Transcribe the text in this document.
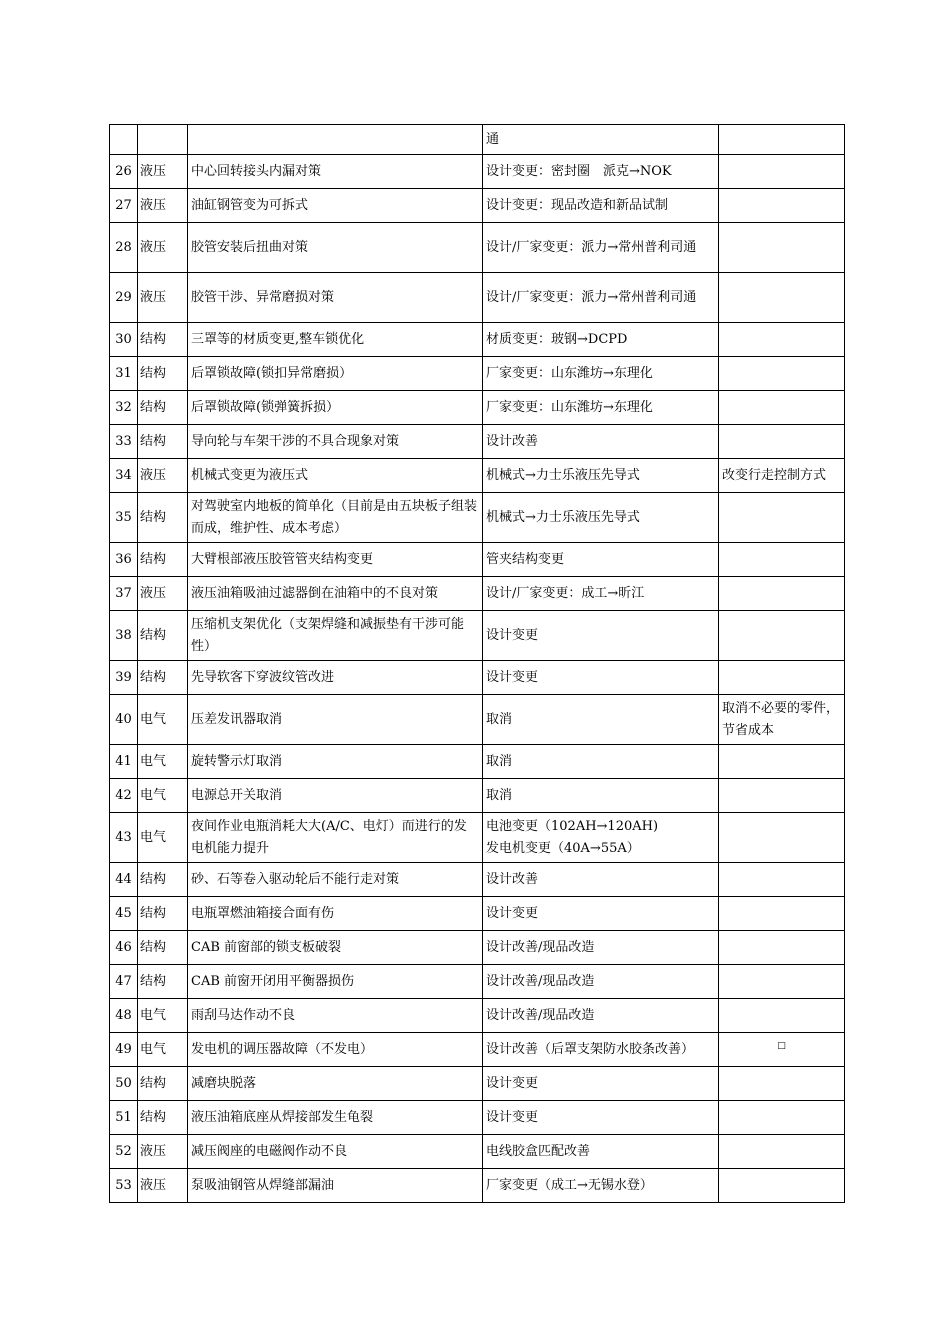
			通	

26	液压	中心回转接头内漏对策	设计变更：密封圈　派克→NOK	

27	液压	油缸钢管变为可拆式	设计变更：现品改造和新品试制	

28	液压	胶管安装后扭曲对策	设计/厂家变更：派力→常州普利司通	

29	液压	胶管干涉、异常磨损对策	设计/厂家变更：派力→常州普利司通	

30	结构	三罩等的材质变更,整车锁优化	材质变更：玻钢→DCPD	

31	结构	后罩锁故障(锁扣异常磨损）	厂家变更：山东潍坊→东理化	

32	结构	后罩锁故障(锁弹簧拆损）	厂家变更：山东潍坊→东理化	

33	结构	导向轮与车架干涉的不具合现象对策	设计改善	

34	液压	机械式变更为液压式	机械式→力士乐液压先导式	改变行走控制方式
35	结构	对驾驶室内地板的简单化（目前是由五块板子组装而成，维护性、成本考虑）	机械式→力士乐液压先导式	

36	结构	大臂根部液压胶管管夹结构变更	管夹结构变更	

37	液压	液压油箱吸油过滤器倒在油箱中的不良对策	设计/厂家变更：成工→昕江	

38	结构	压缩机支架优化（支架焊缝和减振垫有干涉可能性）	设计变更	

39	结构	先导软客下穿波纹管改进	设计变更	

40	电气	压差发讯器取消	取消	取消不必要的零件，节省成本
41	电气	旋转警示灯取消	取消	

42	电气	电源总开关取消	取消	

43	电气	夜间作业电瓶消耗大大(A/C、电灯）而进行的发电机能力提升	电池变更（102AH→120AH)
发电机变更（40A→55A）	

44	结构	砂、石等卷入驱动轮后不能行走对策	设计改善	

45	结构	电瓶罩燃油箱接合面有伤	设计变更	

46	结构	CAB 前窗部的锁支板破裂	设计改善/现品改造	

47	结构	CAB 前窗开闭用平衡器损伤	设计改善/现品改造	

48	电气	雨刮马达作动不良	设计改善/现品改造	

49	电气	发电机的调压器故障（不发电）	设计改善（后罩支架防水胶条改善）	□
50	结构	减磨块脱落	设计变更	

51	结构	液压油箱底座从焊接部发生龟裂	设计变更	

52	液压	减压阀座的电磁阀作动不良	电线胶盒匹配改善	

53	液压	泵吸油钢管从焊缝部漏油	厂家变更（成工→无锡水登）	
